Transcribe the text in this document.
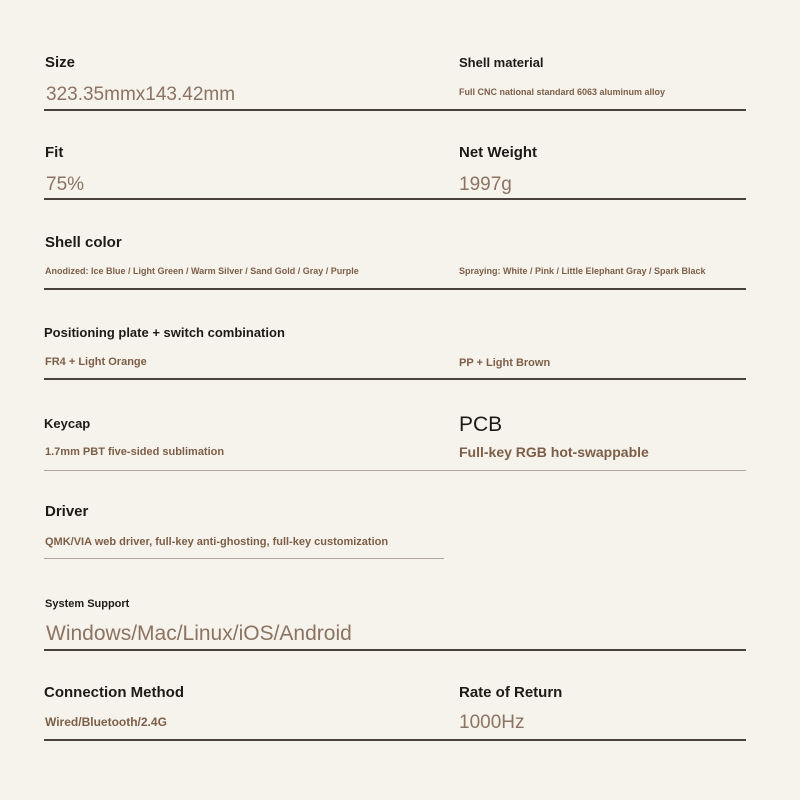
Size
323.35mmx143.42mm
Shell material
Full CNC national standard 6063 aluminum alloy
Fit
75%
Net Weight
1997g
Shell color
Anodized: Ice Blue / Light Green / Warm Silver / Sand Gold / Gray / Purple	Spraying: White / Pink / Little Elephant Gray / Spark Black
Positioning plate + switch combination
FR4 + Light Orange	PP + Light Brown
Keycap
1.7mm PBT five-sided sublimation
PCB
Full-key RGB hot-swappable
Driver
QMK/VIA web driver, full-key anti-ghosting, full-key customization
System Support
Windows/Mac/Linux/iOS/Android
Connection Method
Wired/Bluetooth/2.4G
Rate of Return
1000Hz
